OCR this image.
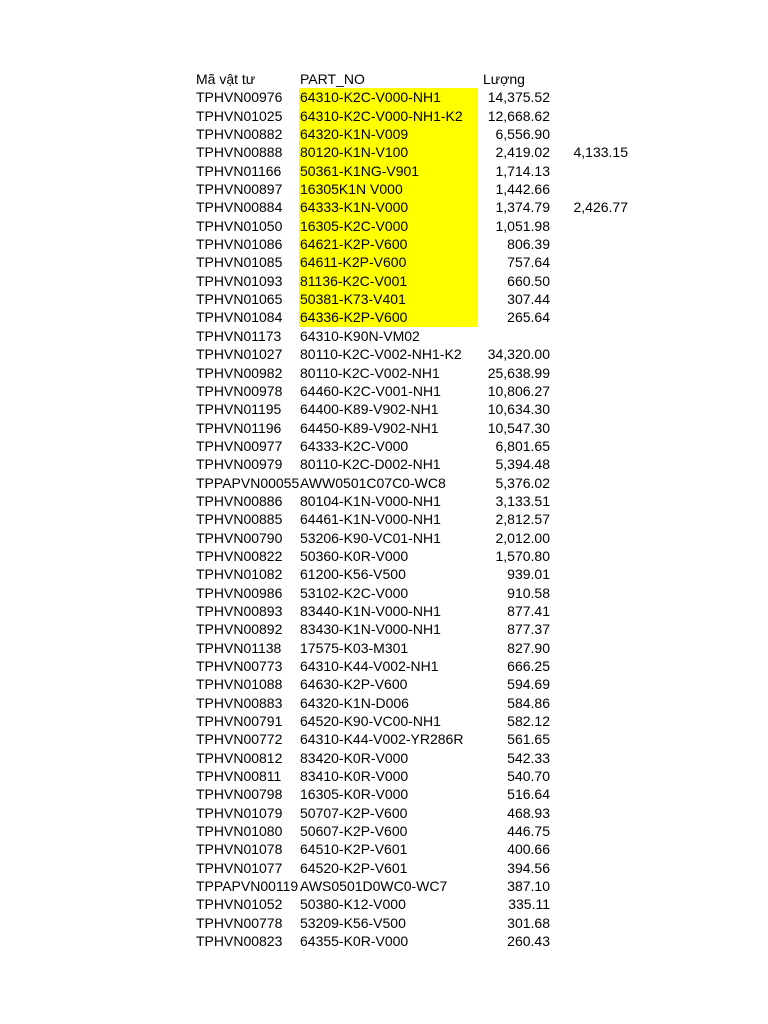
Mã vật tư	PART_NO	Lượng
TPHVN00976	64310-K2C-V000-NH1	14,375.52
TPHVN01025	64310-K2C-V000-NH1-K2	12,668.62
TPHVN00882	64320-K1N-V009	6,556.90
TPHVN00888	80120-K1N-V100	2,419.02	4,133.15
TPHVN01166	50361-K1NG-V901	1,714.13
TPHVN00897	16305K1N V000	1,442.66
TPHVN00884	64333-K1N-V000	1,374.79	2,426.77
TPHVN01050	16305-K2C-V000	1,051.98
TPHVN01086	64621-K2P-V600	806.39
TPHVN01085	64611-K2P-V600	757.64
TPHVN01093	81136-K2C-V001	660.50
TPHVN01065	50381-K73-V401	307.44
TPHVN01084	64336-K2P-V600	265.64
TPHVN01173	64310-K90N-VM02
TPHVN01027	80110-K2C-V002-NH1-K2	34,320.00
TPHVN00982	80110-K2C-V002-NH1	25,638.99
TPHVN00978	64460-K2C-V001-NH1	10,806.27
TPHVN01195	64400-K89-V902-NH1	10,634.30
TPHVN01196	64450-K89-V902-NH1	10,547.30
TPHVN00977	64333-K2C-V000	6,801.65
TPHVN00979	80110-K2C-D002-NH1	5,394.48
TPPAPVN00055 AWW0501C07C0-WC8	5,376.02
TPHVN00886	80104-K1N-V000-NH1	3,133.51
TPHVN00885	64461-K1N-V000-NH1	2,812.57
TPHVN00790	53206-K90-VC01-NH1	2,012.00
TPHVN00822	50360-K0R-V000	1,570.80
TPHVN01082	61200-K56-V500	939.01
TPHVN00986	53102-K2C-V000	910.58
TPHVN00893	83440-K1N-V000-NH1	877.41
TPHVN00892	83430-K1N-V000-NH1	877.37
TPHVN01138	17575-K03-M301	827.90
TPHVN00773	64310-K44-V002-NH1	666.25
TPHVN01088	64630-K2P-V600	594.69
TPHVN00883	64320-K1N-D006	584.86
TPHVN00791	64520-K90-VC00-NH1	582.12
TPHVN00772	64310-K44-V002-YR286R	561.65
TPHVN00812	83420-K0R-V000	542.33
TPHVN00811	83410-K0R-V000	540.70
TPHVN00798	16305-K0R-V000	516.64
TPHVN01079	50707-K2P-V600	468.93
TPHVN01080	50607-K2P-V600	446.75
TPHVN01078	64510-K2P-V601	400.66
TPHVN01077	64520-K2P-V601	394.56
TPPAPVN00119 AWS0501D0WC0-WC7	387.10
TPHVN01052	50380-K12-V000	335.11
TPHVN00778	53209-K56-V500	301.68
TPHVN00823	64355-K0R-V000	260.43
